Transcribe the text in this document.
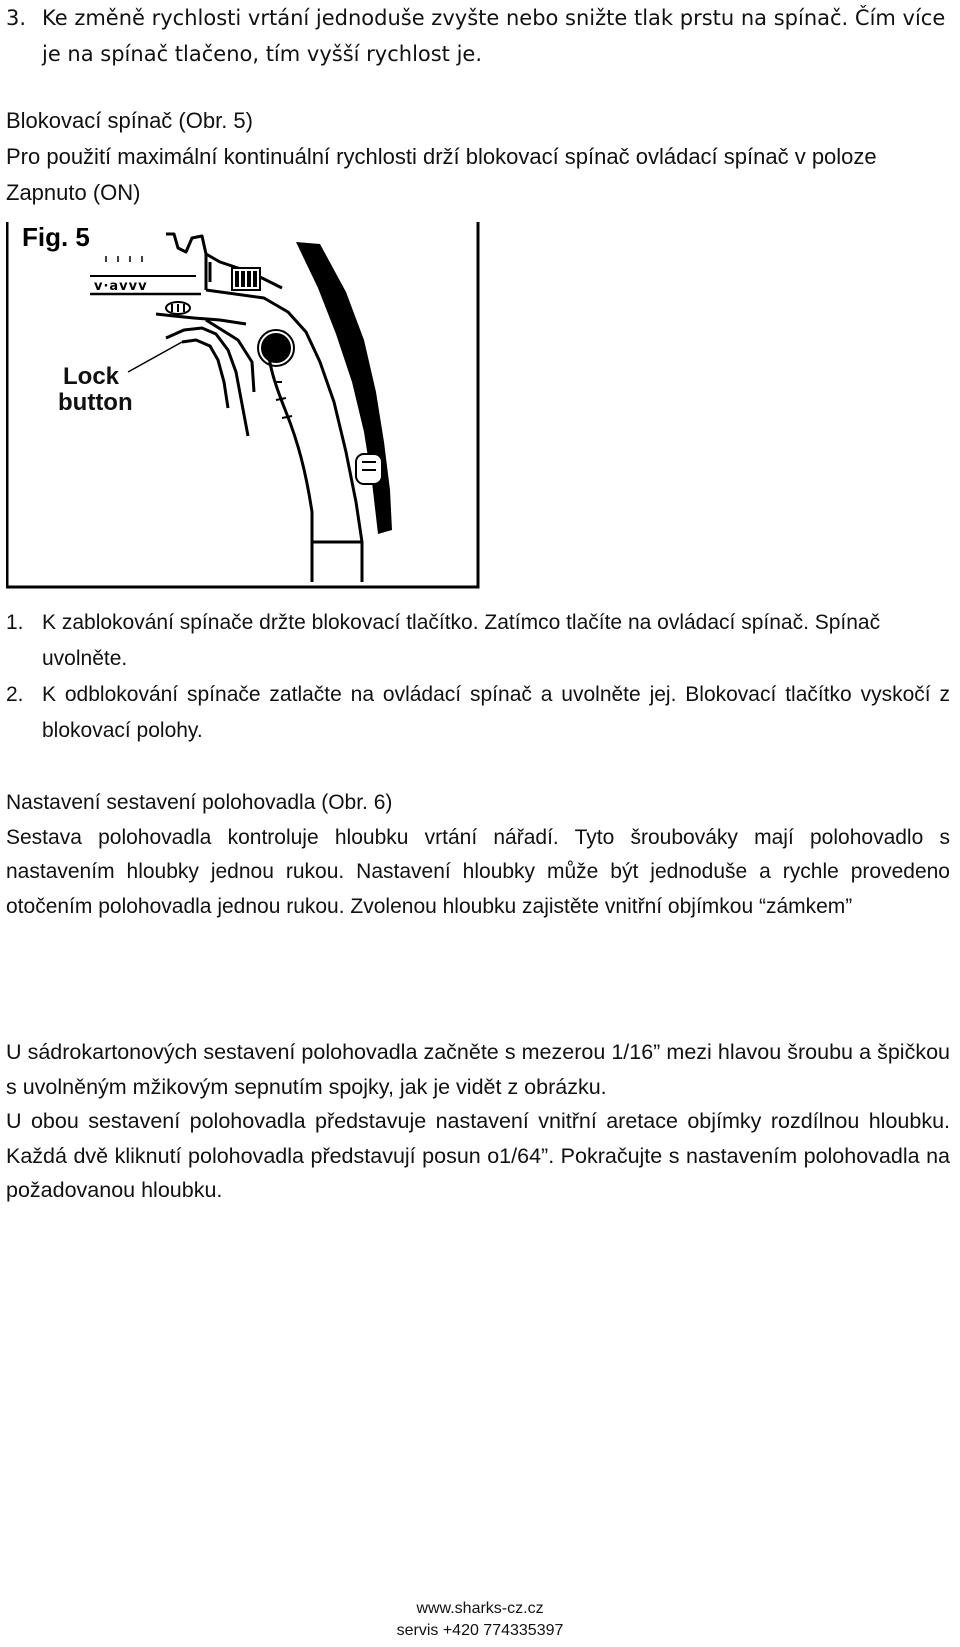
3. Ke změně rychlosti vrtání jednoduše zvyšte nebo snižte tlak prstu na spínač. Čím více je na spínač tlačeno, tím vyšší rychlost je.
Blokovací spínač (Obr. 5)
Pro použití maximální kontinuální rychlosti drží blokovací spínač ovládací spínač v poloze Zapnuto (ON)
Fig. 5
Lock
button
v·avvv
1. K zablokování spínače držte blokovací tlačítko. Zatímco tlačíte na ovládací spínač. Spínač uvolněte.
2. K odblokování spínače zatlačte na ovládací spínač a uvolněte jej. Blokovací tlačítko vyskočí z blokovací polohy.
Nastavení sestavení polohovadla (Obr. 6)
Sestava polohovadla kontroluje hloubku vrtání nářadí. Tyto šroubováky mají polohovadlo s nastavením hloubky jednou rukou. Nastavení hloubky může být jednoduše a rychle provedeno otočením polohovadla jednou rukou. Zvolenou hloubku zajistěte vnitřní objímkou “zámkem”
U sádrokartonových sestavení polohovadla začněte s mezerou 1/16” mezi hlavou šroubu a špičkou s uvolněným mžikovým sepnutím spojky, jak je vidět z obrázku.
U obou sestavení polohovadla představuje nastavení vnitřní aretace objímky rozdílnou hloubku. Každá dvě kliknutí polohovadla představují posun o1/64”. Pokračujte s nastavením polohovadla na požadovanou hloubku.
www.sharks-cz.cz
servis +420 774335397
